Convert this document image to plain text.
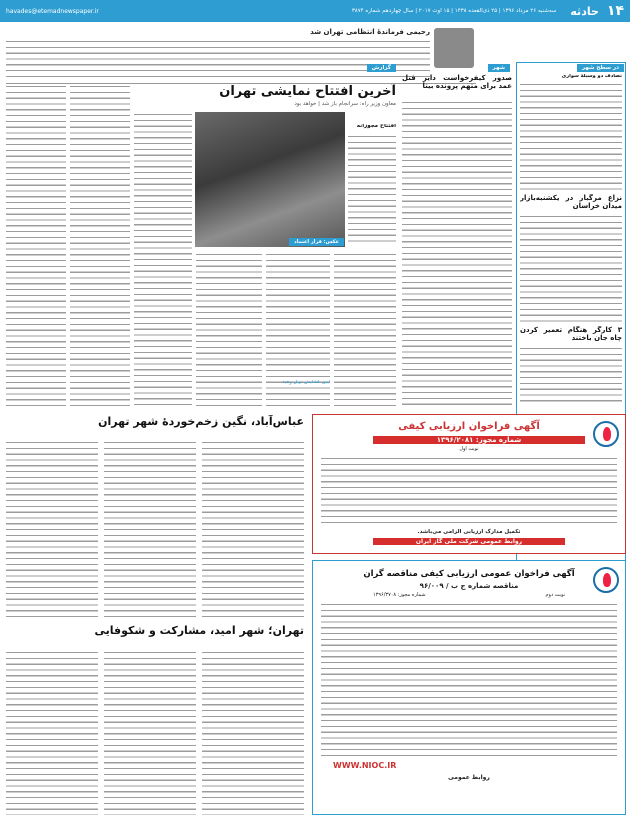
۱۴
حادثه
سه‌شنبه ۲۶ مرداد ۱۳۹۶ | ۲۵ ذی‌القعده ۱۴۳۸ | ۱۵ اوت ۲۰۱۷ | سال چهاردهم شماره ۳۸۷۴
havades@etemadnewspaper.ir
رحیمی فرماندهٔ انتظامی تهران شد
در سطح شهر
تصادف دو وسیلهٔ سواری
نزاع مرگبار در یکشنبه‌بازار میدان خراسان
۳ کارگر هنگام تعمیر کردن چاه جان باختند
شهر
صدور کیفرخواست دایر قتل عمد برای متهم پرونده بیتا
گزارش
آخرین افتتاح نمایشی تهران
معاون وزیر راه: سرانجام باز شد | خواهد بود
عکس: قرار اعتماد
افتتاح مجوزانه
آیین گشایش تونل وحید
عباس‌آباد، نگین زخم‌خوردهٔ شهر تهران
تهران؛ شهر امید، مشارکت و شکوفایی
آگهی فراخوان ارزیابی کیفی
شماره مجوز: ۱۳۹۶/۲۰۸۱
نوبت اول
تکمیل مدارک ارزیابی الزامی می‌باشد.
روابط عمومی شرکت ملی گاز ایران
آگهی فراخوان عمومی ارزیابی کیفی مناقصه گران
مناقصه شماره ج ب / ۹۶/۰۰۹
نوبت دوم
شماره مجوز: ۱۳۹۶/۳۷۰۸
WWW.NIOC.IR
روابط عمومی
